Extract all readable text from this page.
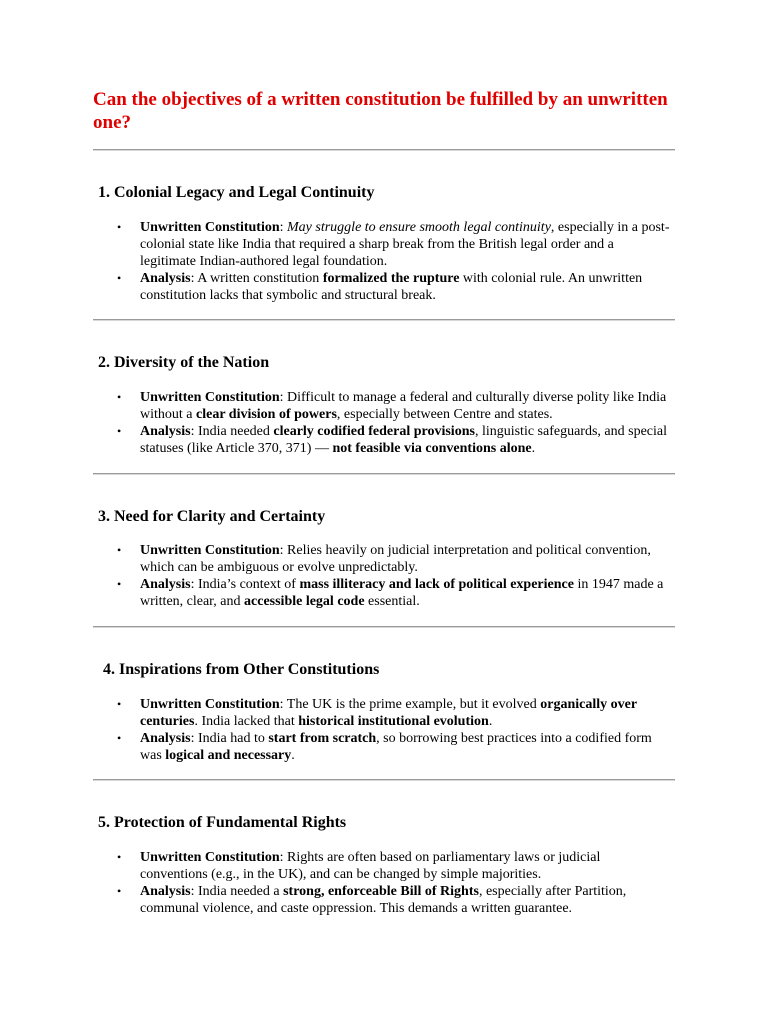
Can the objectives of a written constitution be fulfilled by an unwritten one?
1. Colonial Legacy and Legal Continuity
• Unwritten Constitution: May struggle to ensure smooth legal continuity, especially in a post-colonial state like India that required a sharp break from the British legal order and a legitimate Indian-authored legal foundation.
• Analysis: A written constitution formalized the rupture with colonial rule. An unwritten constitution lacks that symbolic and structural break.
2. Diversity of the Nation
• Unwritten Constitution: Difficult to manage a federal and culturally diverse polity like India without a clear division of powers, especially between Centre and states.
• Analysis: India needed clearly codified federal provisions, linguistic safeguards, and special statuses (like Article 370, 371) — not feasible via conventions alone.
3. Need for Clarity and Certainty
• Unwritten Constitution: Relies heavily on judicial interpretation and political convention, which can be ambiguous or evolve unpredictably.
• Analysis: India’s context of mass illiteracy and lack of political experience in 1947 made a written, clear, and accessible legal code essential.
4. Inspirations from Other Constitutions
• Unwritten Constitution: The UK is the prime example, but it evolved organically over centuries. India lacked that historical institutional evolution.
• Analysis: India had to start from scratch, so borrowing best practices into a codified form was logical and necessary.
5. Protection of Fundamental Rights
• Unwritten Constitution: Rights are often based on parliamentary laws or judicial conventions (e.g., in the UK), and can be changed by simple majorities.
• Analysis: India needed a strong, enforceable Bill of Rights, especially after Partition, communal violence, and caste oppression. This demands a written guarantee.
